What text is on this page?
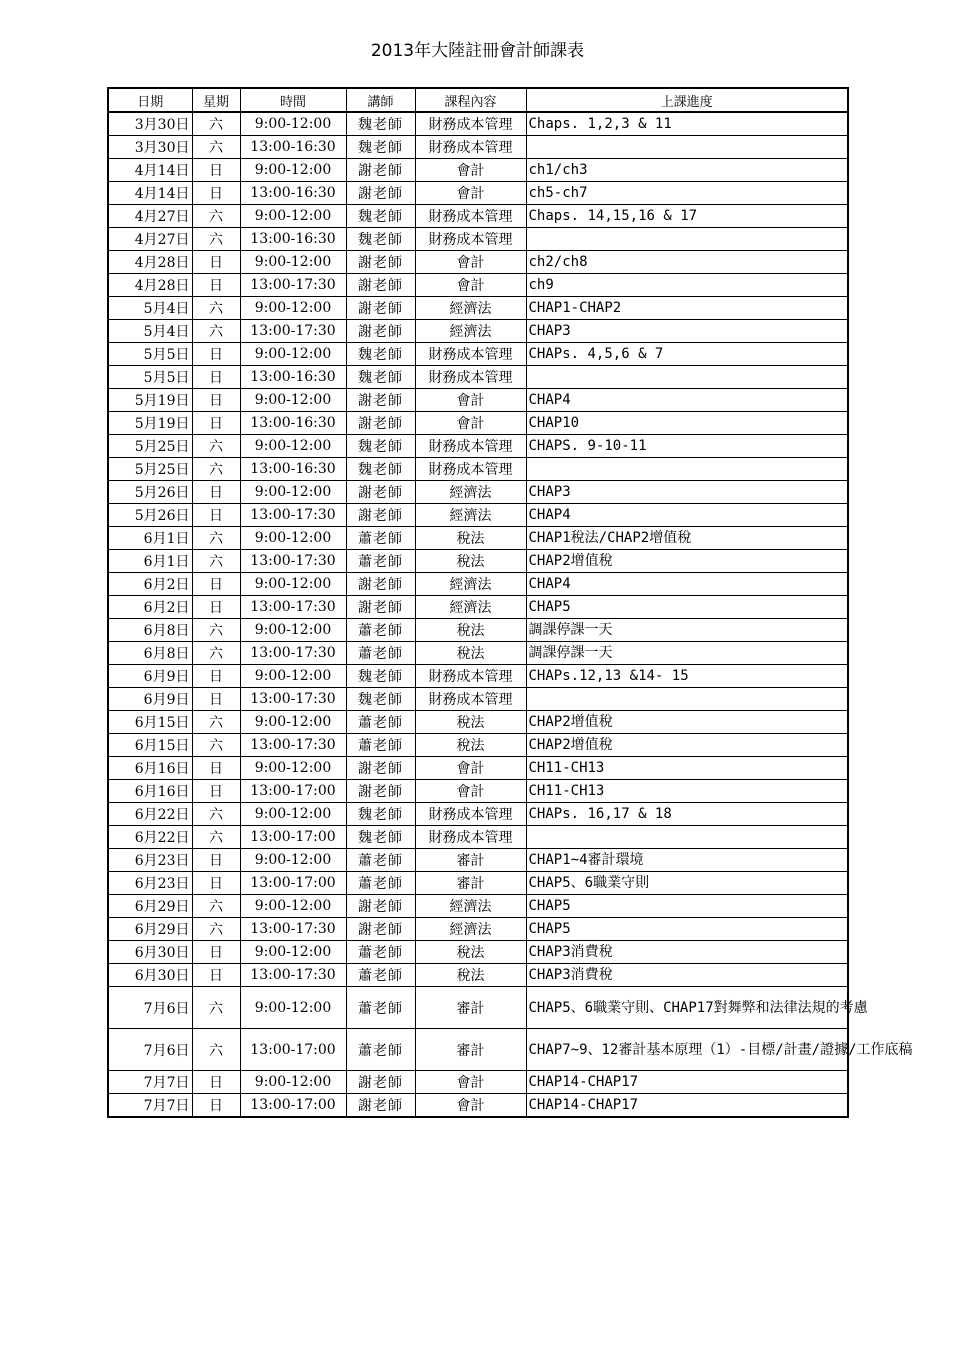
2013年大陸註冊會計師課表
日期	星期	時間	講師	課程內容	上課進度
3月30日	六	9:00-12:00	魏老師	財務成本管理	Chaps. 1,2,3 & 11
3月30日	六	13:00-16:30	魏老師	財務成本管理	
4月14日	日	9:00-12:00	謝老師	會計	ch1/ch3
4月14日	日	13:00-16:30	謝老師	會計	ch5-ch7
4月27日	六	9:00-12:00	魏老師	財務成本管理	Chaps. 14,15,16 & 17
4月27日	六	13:00-16:30	魏老師	財務成本管理	
4月28日	日	9:00-12:00	謝老師	會計	ch2/ch8
4月28日	日	13:00-17:30	謝老師	會計	ch9
5月4日	六	9:00-12:00	謝老師	經濟法	CHAP1-CHAP2
5月4日	六	13:00-17:30	謝老師	經濟法	CHAP3
5月5日	日	9:00-12:00	魏老師	財務成本管理	CHAPs. 4,5,6 & 7
5月5日	日	13:00-16:30	魏老師	財務成本管理	
5月19日	日	9:00-12:00	謝老師	會計	CHAP4
5月19日	日	13:00-16:30	謝老師	會計	CHAP10
5月25日	六	9:00-12:00	魏老師	財務成本管理	CHAPS. 9-10-11
5月25日	六	13:00-16:30	魏老師	財務成本管理	
5月26日	日	9:00-12:00	謝老師	經濟法	CHAP3
5月26日	日	13:00-17:30	謝老師	經濟法	CHAP4
6月1日	六	9:00-12:00	蕭老師	稅法	CHAP1稅法/CHAP2增值稅
6月1日	六	13:00-17:30	蕭老師	稅法	CHAP2增值稅
6月2日	日	9:00-12:00	謝老師	經濟法	CHAP4
6月2日	日	13:00-17:30	謝老師	經濟法	CHAP5
6月8日	六	9:00-12:00	蕭老師	稅法	調課停課一天
6月8日	六	13:00-17:30	蕭老師	稅法	調課停課一天
6月9日	日	9:00-12:00	魏老師	財務成本管理	CHAPs.12,13 &14- 15
6月9日	日	13:00-17:30	魏老師	財務成本管理	
6月15日	六	9:00-12:00	蕭老師	稅法	CHAP2增值稅
6月15日	六	13:00-17:30	蕭老師	稅法	CHAP2增值稅
6月16日	日	9:00-12:00	謝老師	會計	CH11-CH13
6月16日	日	13:00-17:00	謝老師	會計	CH11-CH13
6月22日	六	9:00-12:00	魏老師	財務成本管理	CHAPs. 16,17 & 18
6月22日	六	13:00-17:00	魏老師	財務成本管理	
6月23日	日	9:00-12:00	蕭老師	審計	CHAP1~4審計環境
6月23日	日	13:00-17:00	蕭老師	審計	CHAP5、6職業守則
6月29日	六	9:00-12:00	謝老師	經濟法	CHAP5
6月29日	六	13:00-17:30	謝老師	經濟法	CHAP5
6月30日	日	9:00-12:00	蕭老師	稅法	CHAP3消費稅
6月30日	日	13:00-17:30	蕭老師	稅法	CHAP3消費稅
7月6日	六	9:00-12:00	蕭老師	審計	CHAP5、6職業守則、CHAP17對舞弊和法律法規的考慮
7月6日	六	13:00-17:00	蕭老師	審計	CHAP7~9、12審計基本原理（1）-目標/計畫/證據/工作底稿
7月7日	日	9:00-12:00	謝老師	會計	CHAP14-CHAP17
7月7日	日	13:00-17:00	謝老師	會計	CHAP14-CHAP17
